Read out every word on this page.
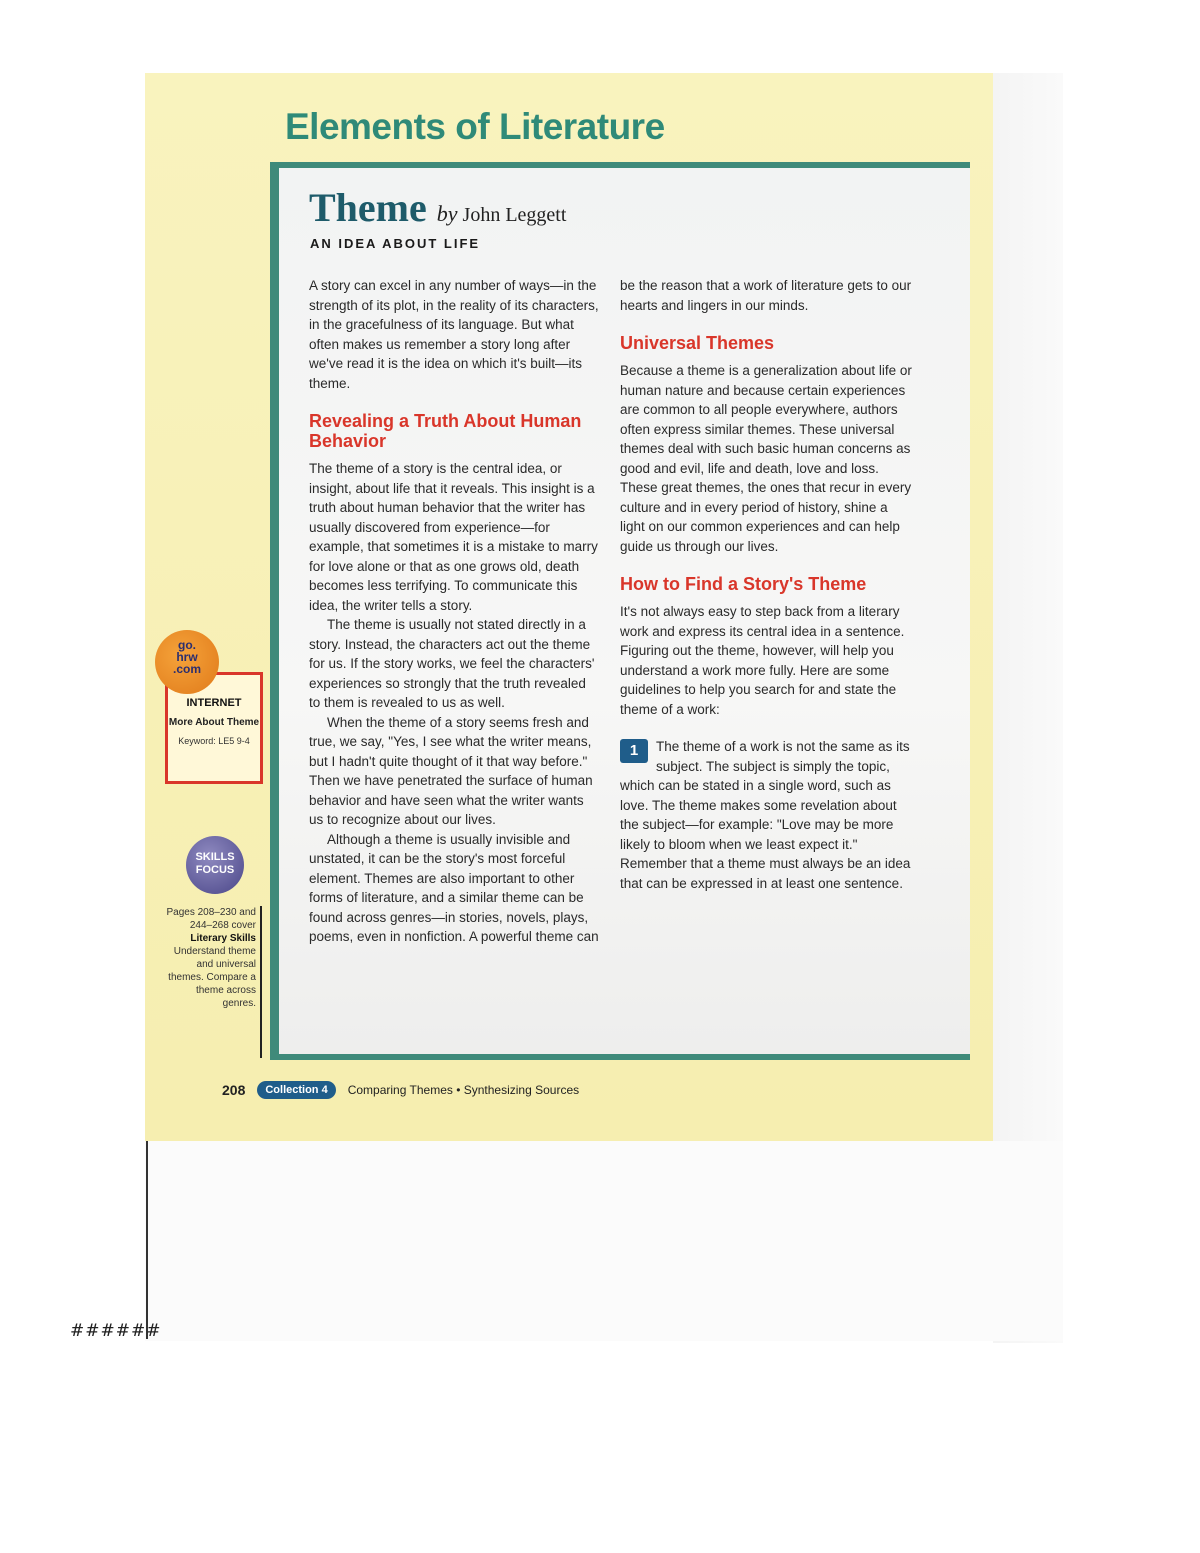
######
Elements of Literature
Theme by John Leggett
AN IDEA ABOUT LIFE

A story can excel in any number of ways—in the strength of its plot, in the reality of its characters, in the gracefulness of its language. But what often makes us remember a story long after we've read it is the idea on which it's built—its theme.

Revealing a Truth About Human Behavior

The theme of a story is the central idea, or insight, about life that it reveals. This insight is a truth about human behavior that the writer has usually discovered from experience—for example, that sometimes it is a mistake to marry for love alone or that as one grows old, death becomes less terrifying. To communicate this idea, the writer tells a story.

The theme is usually not stated directly in a story. Instead, the characters act out the theme for us. If the story works, we feel the characters' experiences so strongly that the truth revealed to them is revealed to us as well.

When the theme of a story seems fresh and true, we say, "Yes, I see what the writer means, but I hadn't quite thought of it that way before." Then we have penetrated the surface of human behavior and have seen what the writer wants us to recognize about our lives.

Although a theme is usually invisible and unstated, it can be the story's most forceful element. Themes are also important to other forms of literature, and a similar theme can be found across genres—in stories, novels, plays, poems, even in nonfiction. A powerful theme can

be the reason that a work of literature gets to our hearts and lingers in our minds.

Universal Themes

Because a theme is a generalization about life or human nature and because certain experiences are common to all people everywhere, authors often express similar themes. These universal themes deal with such basic human concerns as good and evil, life and death, love and loss. These great themes, the ones that recur in every culture and in every period of history, shine a light on our common experiences and can help guide us through our lives.

How to Find a Story's Theme

It's not always easy to step back from a literary work and express its central idea in a sentence. Figuring out the theme, however, will help you understand a work more fully. Here are some guidelines to help you search for and state the theme of a work:

1	The theme of a work is not the same as its subject. The subject is simply the topic, which can be stated in a single word, such as love. The theme makes some revelation about the subject—for example: "Love may be more likely to bloom when we least expect it." Remember that a theme must always be an idea that can be expressed in at least one sentence.

INTERNET
More About Theme
Keyword: LE5 9-4
go.
hrw
.com
SKILLS
FOCUS
Pages 208–230 and 244–268 cover
Literary Skills
Understand theme and universal themes. Compare a theme across genres.
208	Collection 4	Comparing Themes • Synthesizing Sources
